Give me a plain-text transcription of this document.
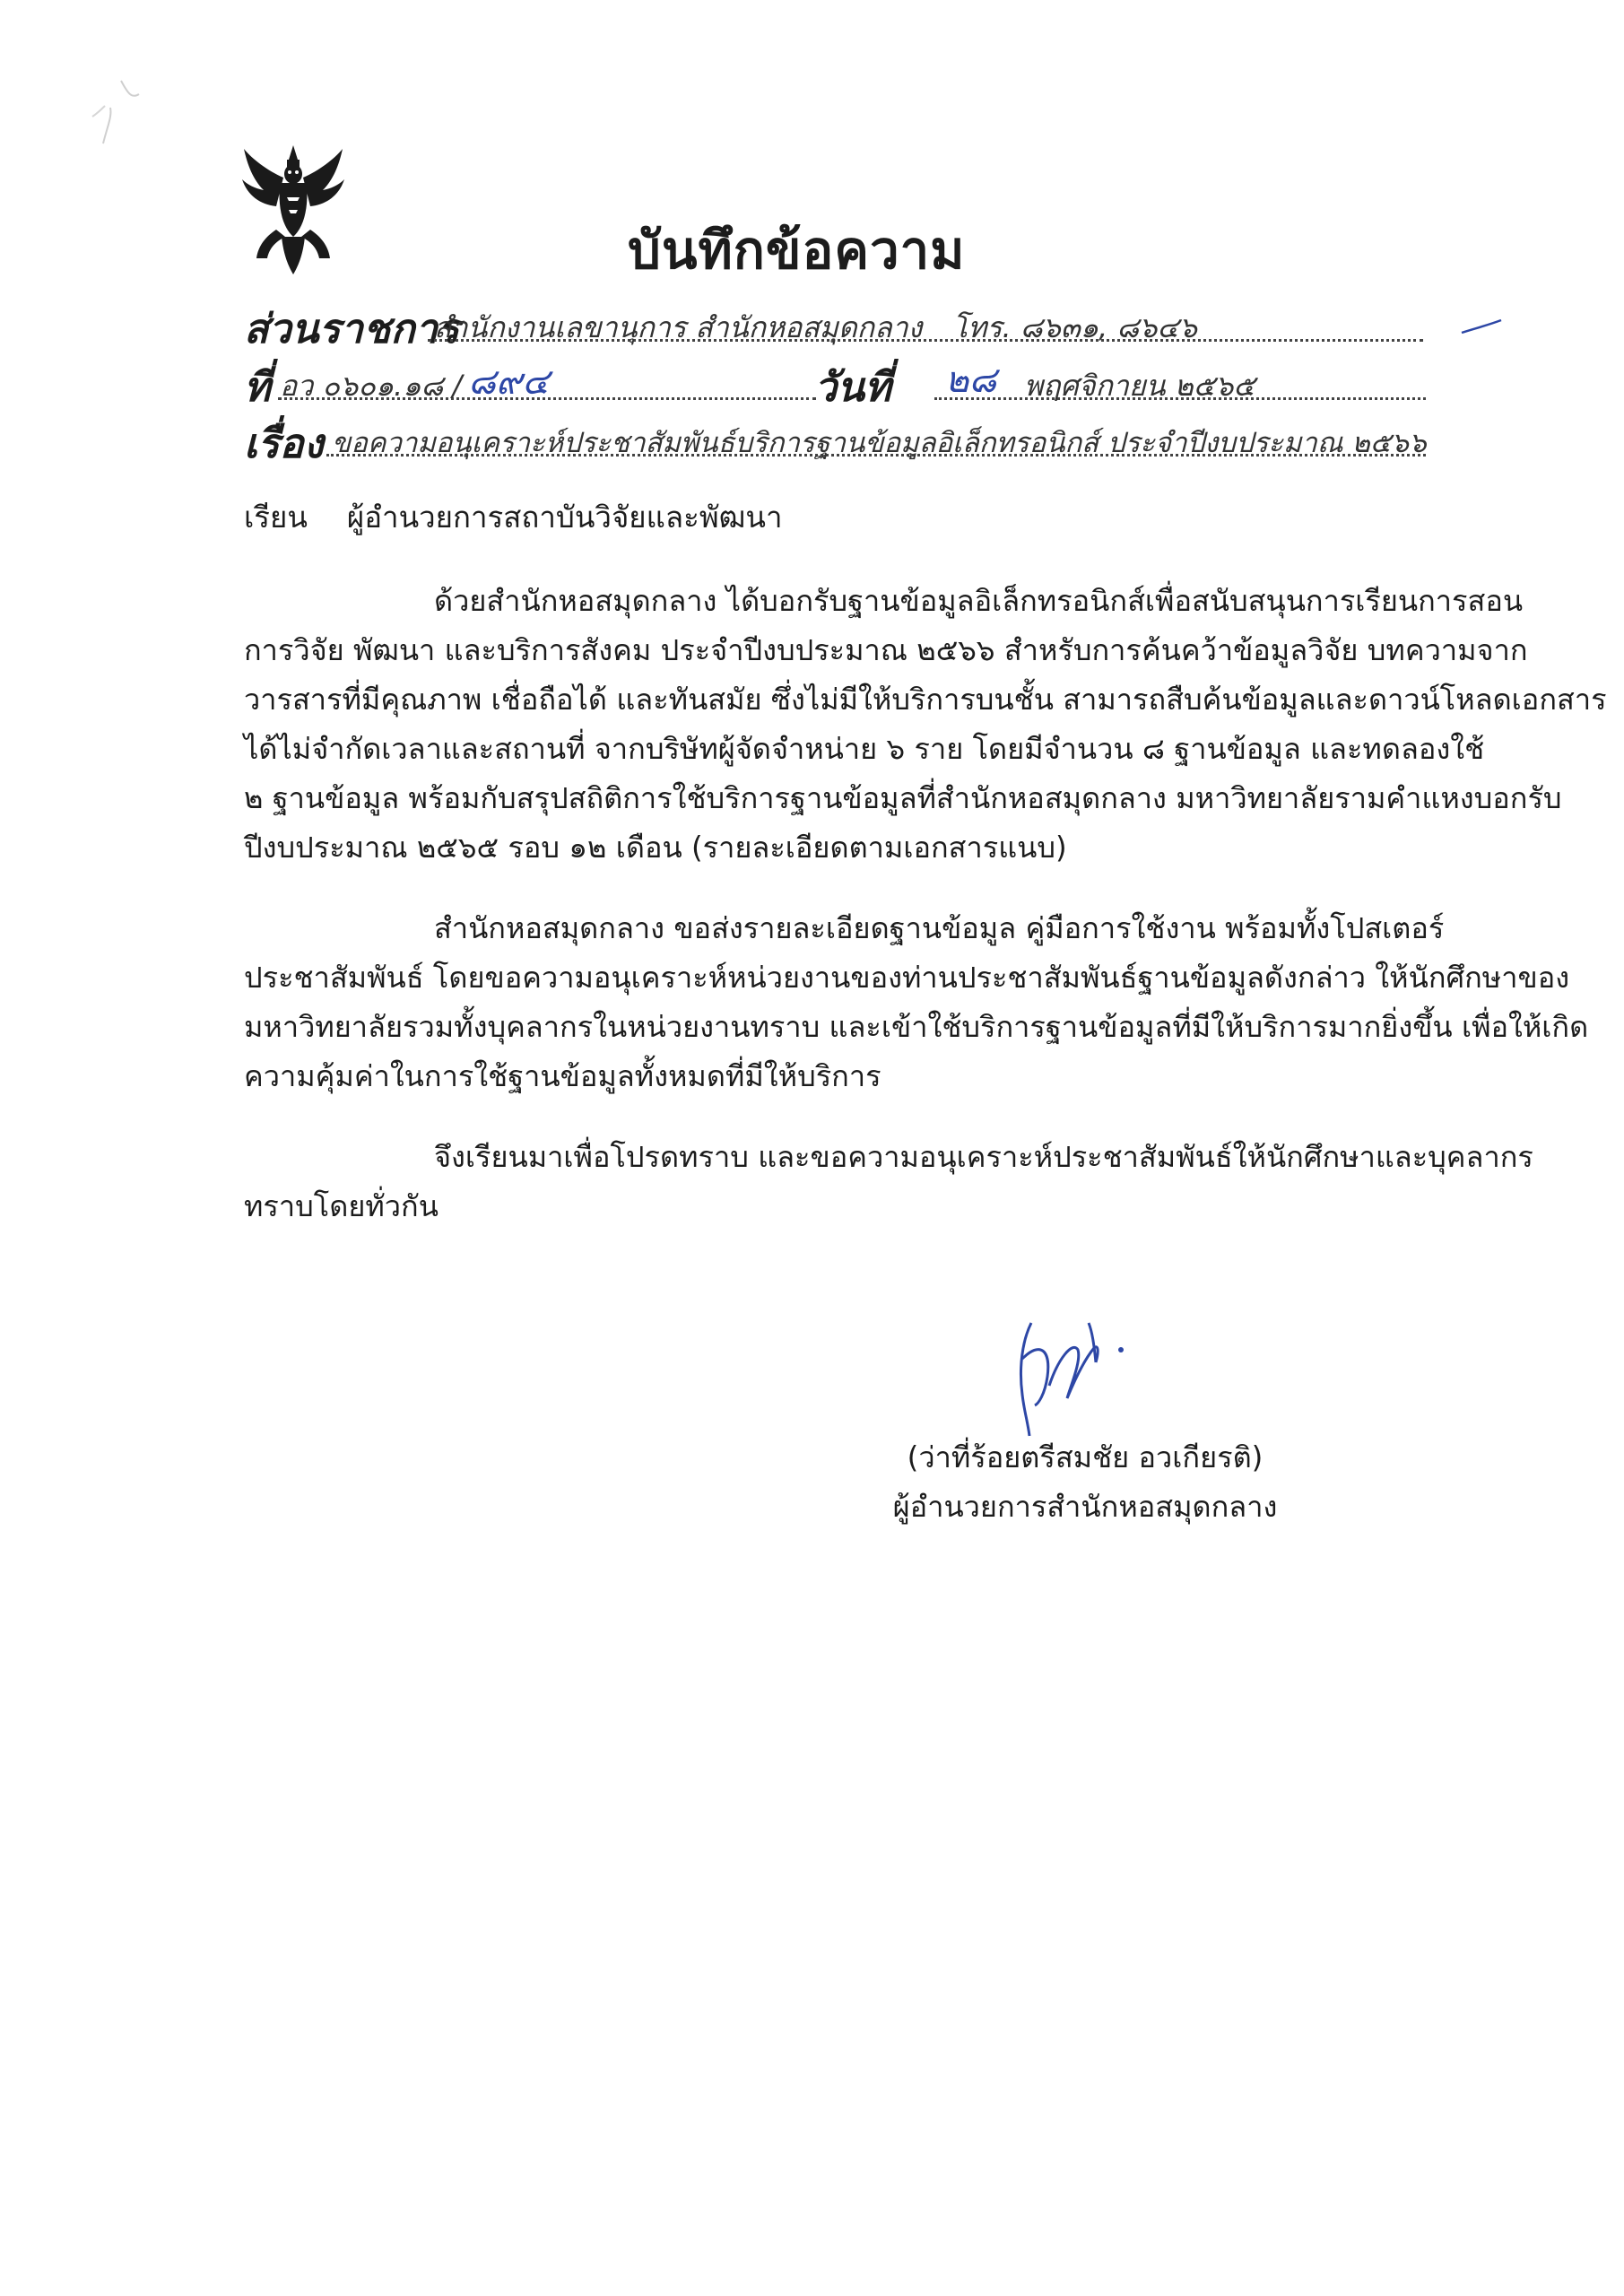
บันทึกข้อความ
ส่วนราชการ
สำนักงานเลขานุการ สำนักหอสมุดกลาง โทร. ๘๖๓๑, ๘๖๔๖
ที่ อว ๐๖๐๑.๑๘ / ๘๙๔	วันที่ ๒๘ พฤศจิกายน ๒๕๖๕
เรื่อง ขอความอนุเคราะห์ประชาสัมพันธ์บริการฐานข้อมูลอิเล็กทรอนิกส์ ประจำปีงบประมาณ ๒๕๖๖
เรียน ผู้อำนวยการสถาบันวิจัยและพัฒนา
ด้วยสำนักหอสมุดกลาง ได้บอกรับฐานข้อมูลอิเล็กทรอนิกส์เพื่อสนับสนุนการเรียนการสอน
การวิจัย พัฒนา และบริการสังคม ประจำปีงบประมาณ ๒๕๖๖ สำหรับการค้นคว้าข้อมูลวิจัย บทความจาก
วารสารที่มีคุณภาพ เชื่อถือได้ และทันสมัย ซึ่งไม่มีให้บริการบนชั้น สามารถสืบค้นข้อมูลและดาวน์โหลดเอกสาร
ได้ไม่จำกัดเวลาและสถานที่ จากบริษัทผู้จัดจำหน่าย ๖ ราย โดยมีจำนวน ๘ ฐานข้อมูล และทดลองใช้
๒ ฐานข้อมูล พร้อมกับสรุปสถิติการใช้บริการฐานข้อมูลที่สำนักหอสมุดกลาง มหาวิทยาลัยรามคำแหงบอกรับ
ปีงบประมาณ ๒๕๖๕ รอบ ๑๒ เดือน (รายละเอียดตามเอกสารแนบ)
สำนักหอสมุดกลาง ขอส่งรายละเอียดฐานข้อมูล คู่มือการใช้งาน พร้อมทั้งโปสเตอร์
ประชาสัมพันธ์ โดยขอความอนุเคราะห์หน่วยงานของท่านประชาสัมพันธ์ฐานข้อมูลดังกล่าว ให้นักศึกษาของ
มหาวิทยาลัยรวมทั้งบุคลากรในหน่วยงานทราบ และเข้าใช้บริการฐานข้อมูลที่มีให้บริการมากยิ่งขึ้น เพื่อให้เกิด
ความคุ้มค่าในการใช้ฐานข้อมูลทั้งหมดที่มีให้บริการ
จึงเรียนมาเพื่อโปรดทราบ และขอความอนุเคราะห์ประชาสัมพันธ์ให้นักศึกษาและบุคลากร
ทราบโดยทั่วกัน
(ว่าที่ร้อยตรีสมชัย อวเกียรติ)
ผู้อำนวยการสำนักหอสมุดกลาง
